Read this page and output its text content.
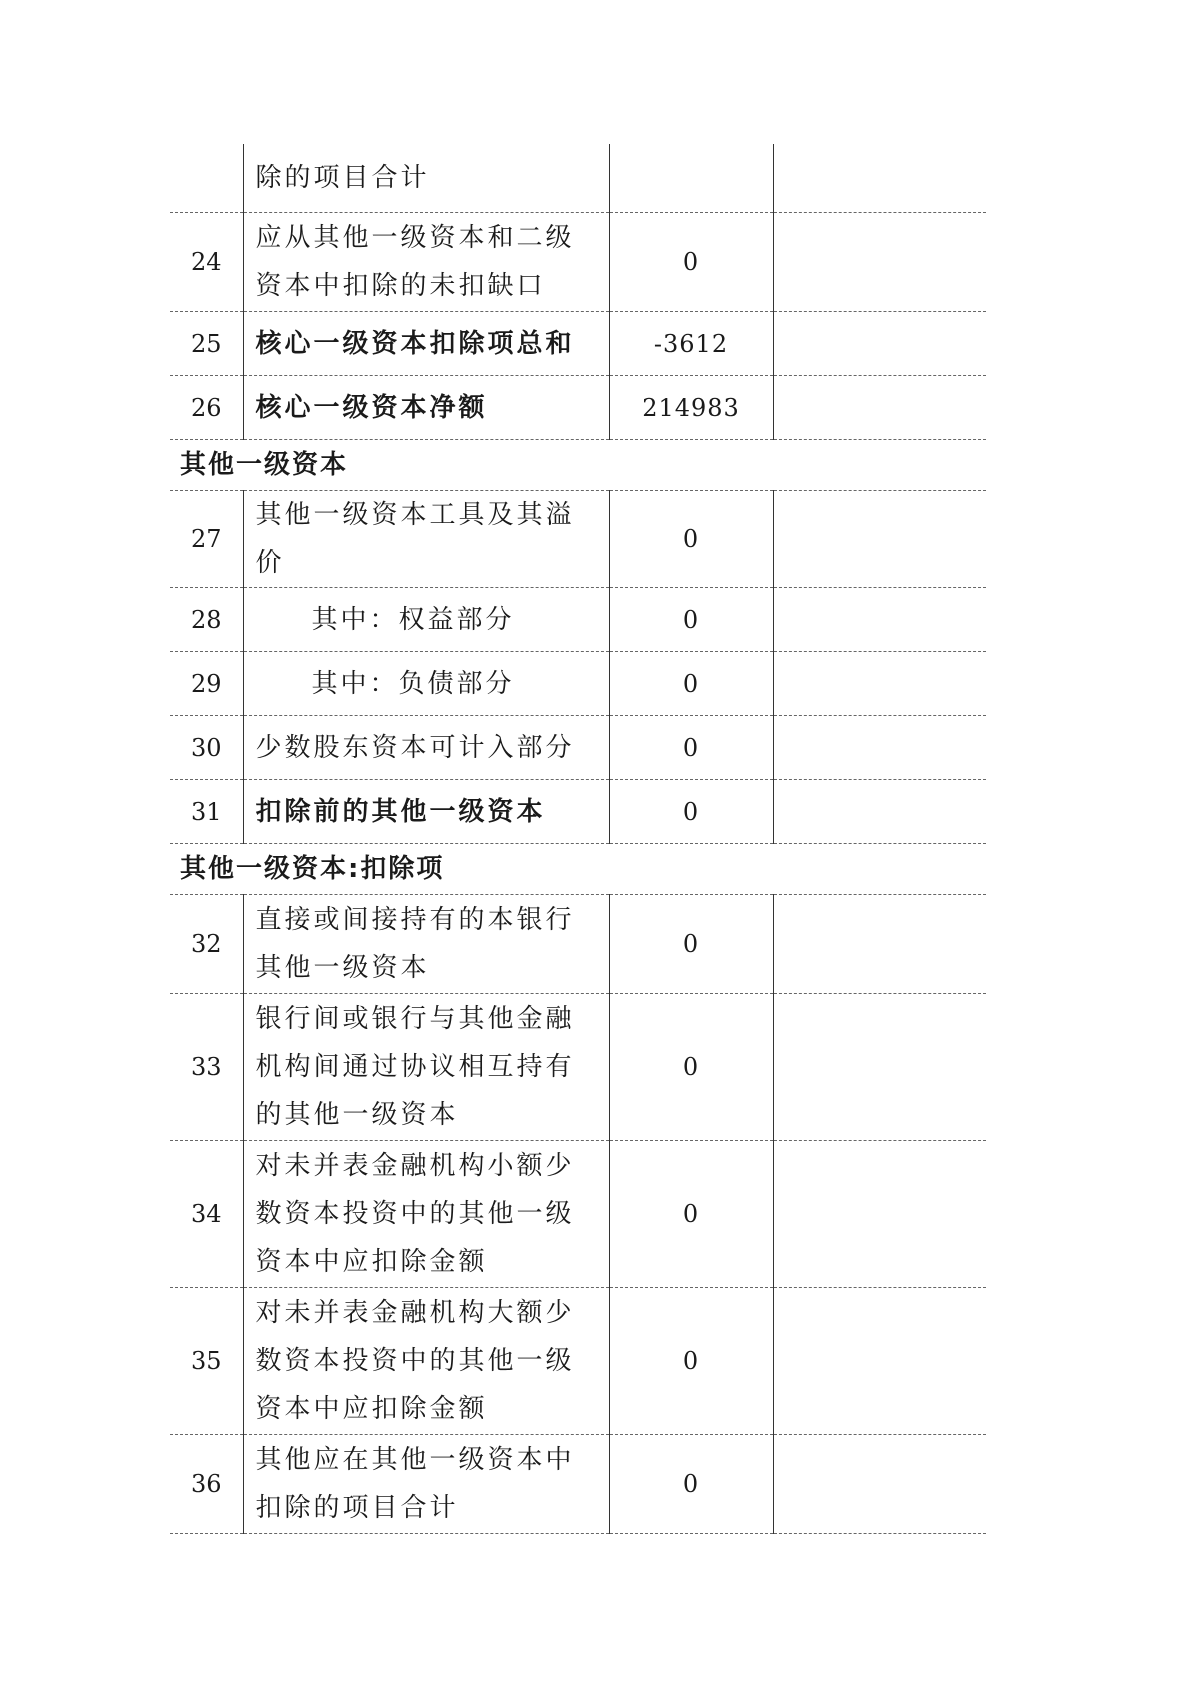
	除的项目合计		
24	应从其他一级资本和二级资本中扣除的未扣缺口	0	
25	核心一级资本扣除项总和	-3612	
26	核心一级资本净额	214983	
其他一级资本			
27	其他一级资本工具及其溢价	0	
28	其中：权益部分	0	
29	其中：负债部分	0	
30	少数股东资本可计入部分	0	
31	扣除前的其他一级资本	0	
其他一级资本:扣除项			
32	直接或间接持有的本银行其他一级资本	0	
33	银行间或银行与其他金融机构间通过协议相互持有的其他一级资本	0	
34	对未并表金融机构小额少数资本投资中的其他一级资本中应扣除金额	0	
35	对未并表金融机构大额少数资本投资中的其他一级资本中应扣除金额	0	
36	其他应在其他一级资本中扣除的项目合计	0	
